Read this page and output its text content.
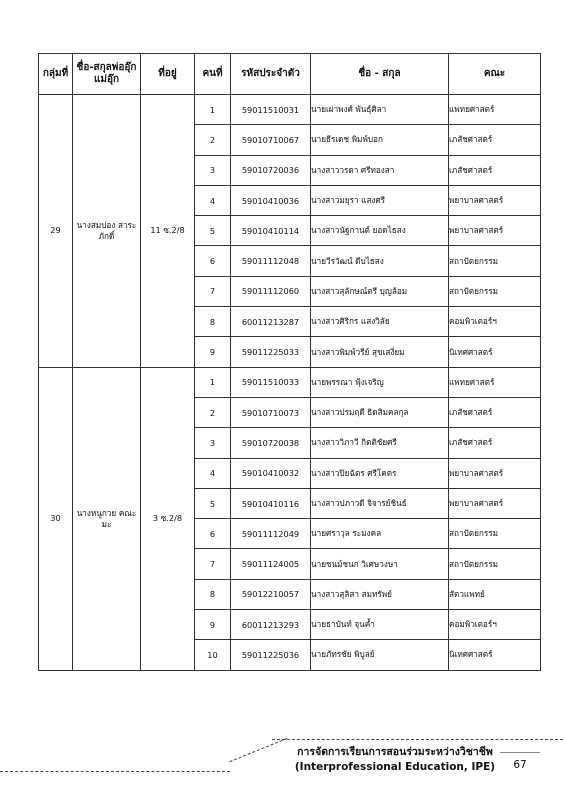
กลุ่มที่	ชื่อ-สกุลพ่ออุ๊กแม่อุ๊ก	ที่อยู่	คนที่	รหัสประจำตัว	ชื่อ - สกุล	คณะ
29	นางสมปอง สาระภักดิ์	11 ซ.2/8	1	59011510031	นายเผ่าพงศ์ พันธุ์ศิลา	แพทยศาสตร์
			2	59010710067	นายธีรเดช พิมพ์บอก	เภสัชศาสตร์
			3	59010720036	นางสาววรดา ศรีทองสา	เภสัชศาสตร์
			4	59010410036	นางสาวมยุรา แสงศรี	พยาบาลศาสตร์
			5	59010410114	นางสาวนัฐกานต์ ยอดไธสง	พยาบาลศาสตร์
			6	59011112048	นายวีรวัฒน์ ดีบไธสง	สถาปัตยกรรม
			7	59011112060	นางสาวสุลักษณ์ตรี บุญล้อม	สถาปัตยกรรม
			8	60011213287	นางสาวศิริกร แสงวิลัย	คอมพิวเตอร์ฯ
			9	59011225033	นางสาวพิมพ์วรีย์ สุขเสงี่ยม	นิเทศศาสตร์
30	นางหนูกวย คณะมะ	3 ซ.2/8	1	59011510033	นายพรรณา ฟุ้งเจริญ	แพทยศาสตร์
			2	59010710073	นางสาวปรมฤดี ธิดสิมคลกุล	เภสัชศาสตร์
			3	59010720038	นางสาววิภาวี กิตติชัยศรี	เภสัชศาสตร์
			4	59010410032	นางสาวปิยฉัตร ศรีโคตร	พยาบาลศาสตร์
			5	59010410116	นางสาวปภาวดี จิจารย์ชินธ์	พยาบาลศาสตร์
			6	59011112049	นายศราวุล ระมงคล	สถาปัตยกรรม
			7	59011124005	นายชนม์ชนก วิเศษวงษา	สถาปัตยกรรม
			8	59012210057	นางสาวสุลิสา สมทรัพย์	สัตวแพทย์
			9	60011213293	นายธาบันท์ จุนค้ำ	คอมพิวเตอร์ฯ
			10	59011225036	นายภัทรชัย พิบูลย์	นิเทศศาสตร์
การจัดการเรียนการสอนร่วมระหว่างวิชาชีพ
(Interprofessional Education, IPE)	67
